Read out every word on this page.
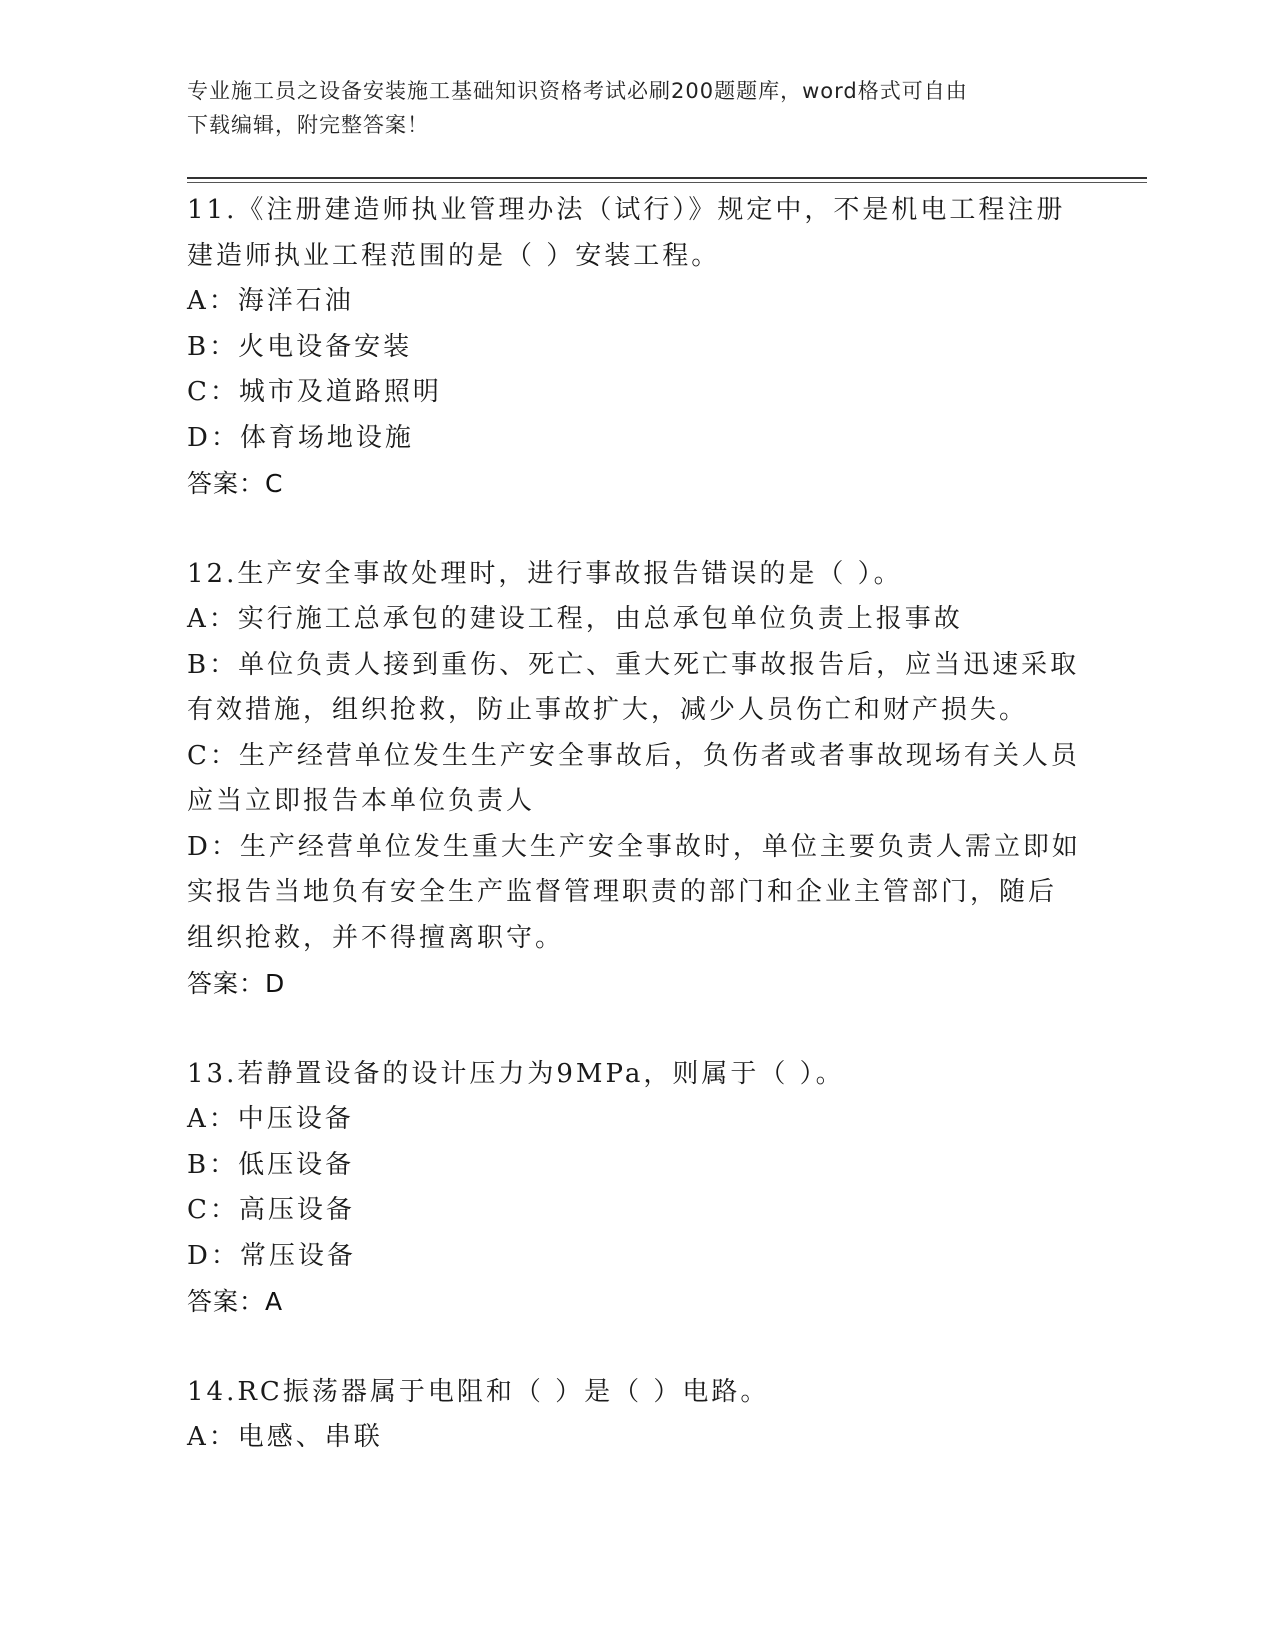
专业施工员之设备安装施工基础知识资格考试必刷200题题库，word格式可自由
下载编辑，附完整答案！
11.《注册建造师执业管理办法（试行）》规定中，不是机电工程注册
建造师执业工程范围的是（ ）安装工程。
A：海洋石油
B：火电设备安装
C：城市及道路照明
D：体育场地设施
答案：C
12.生产安全事故处理时，进行事故报告错误的是（ ）。
A：实行施工总承包的建设工程，由总承包单位负责上报事故
B：单位负责人接到重伤、死亡、重大死亡事故报告后，应当迅速采取
有效措施，组织抢救，防止事故扩大，减少人员伤亡和财产损失。
C：生产经营单位发生生产安全事故后，负伤者或者事故现场有关人员
应当立即报告本单位负责人
D：生产经营单位发生重大生产安全事故时，单位主要负责人需立即如
实报告当地负有安全生产监督管理职责的部门和企业主管部门，随后
组织抢救，并不得擅离职守。
答案：D
13.若静置设备的设计压力为9MPa，则属于（ ）。
A：中压设备
B：低压设备
C：高压设备
D：常压设备
答案：A
14.RC振荡器属于电阻和（ ）是（ ）电路。
A：电感、串联
